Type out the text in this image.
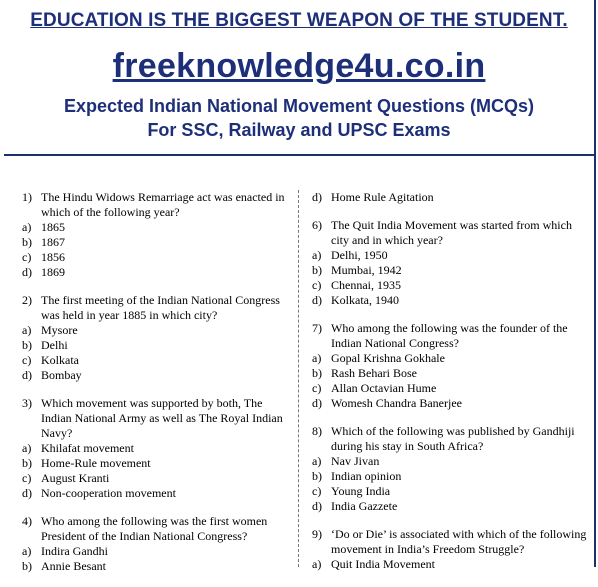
EDUCATION IS THE BIGGEST WEAPON OF THE STUDENT.
freeknowledge4u.co.in
Expected Indian National Movement Questions (MCQs)
For SSC, Railway and UPSC Exams
1) The Hindu Widows Remarriage act was enacted in which of the following year?
a) 1865
b) 1867
c) 1856
d) 1869
2) The first meeting of the Indian National Congress was held in year 1885 in which city?
a) Mysore
b) Delhi
c) Kolkata
d) Bombay
3) Which movement was supported by both, The Indian National Army as well as The Royal Indian Navy?
a) Khilafat movement
b) Home-Rule movement
c) August Kranti
d) Non-cooperation movement
4) Who among the following was the first women President of the Indian National Congress?
a) Indira Gandhi
b) Annie Besant
d) Home Rule Agitation
6) The Quit India Movement was started from which city and in which year?
a) Delhi, 1950
b) Mumbai, 1942
c) Chennai, 1935
d) Kolkata, 1940
7) Who among the following was the founder of the Indian National Congress?
a) Gopal Krishna Gokhale
b) Rash Behari Bose
c) Allan Octavian Hume
d) Womesh Chandra Banerjee
8) Which of the following was published by Gandhiji during his stay in South Africa?
a) Nav Jivan
b) Indian opinion
c) Young India
d) India Gazzete
9) ‘Do or Die’ is associated with which of the following movement in India’s Freedom Struggle?
a) Quit India Movement
